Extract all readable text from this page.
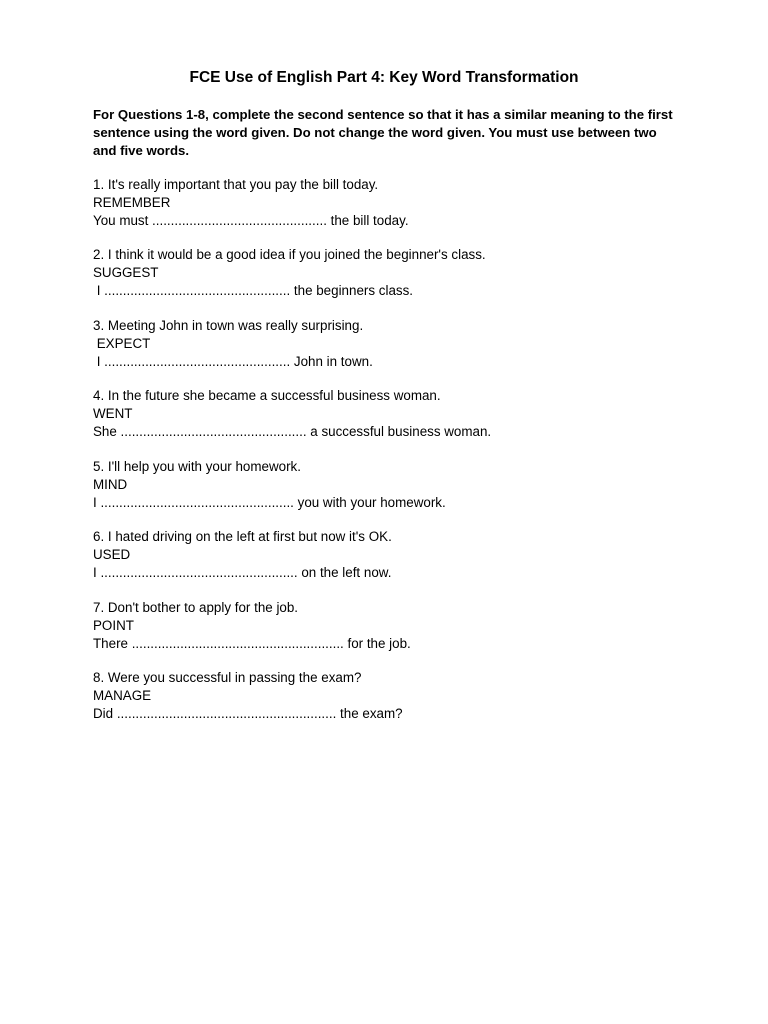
FCE Use of English Part 4: Key Word Transformation

For Questions 1-8, complete the second sentence so that it has a similar meaning to the first sentence using the word given. Do not change the word given. You must use between two and five words.

1. It's really important that you pay the bill today.
REMEMBER
You must ............................................... the bill today.
2. I think it would be a good idea if you joined the beginner's class.
SUGGEST
I .................................................. the beginners class.
3. Meeting John in town was really surprising.
EXPECT
I .................................................. John in town.
4. In the future she became a successful business woman.
WENT
She .................................................. a successful business woman.
5. I'll help you with your homework.
MIND
I .................................................... you with your homework.
6. I hated driving on the left at first but now it's OK.
USED
I ..................................................... on the left now.
7. Don't bother to apply for the job.
POINT
There ......................................................... for the job.
8. Were you successful in passing the exam?
MANAGE
Did ........................................................... the exam?
